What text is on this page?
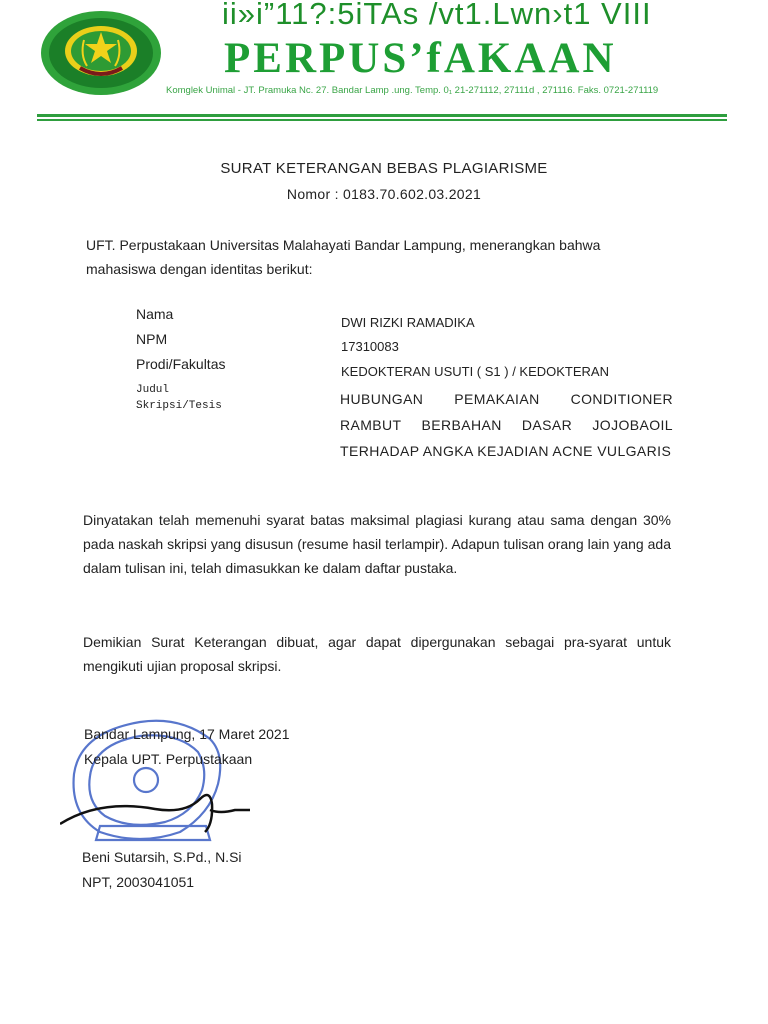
ii»i”11?:5iTAs /vt1.Lwn›t1 VIII
PERPUS’fAKAAN
Komglek Unimal - JT. Pramuka Nc. 27. Bandar Lamp .ung. Temp. 0₁ 21-271112, 27111d , 271116. Faks. 0721-271119
SURAT KETERANGAN BEBAS PLAGIARISME
Nomor : 0183.70.602.03.2021
UFT. Perpustakaan Universitas Malahayati Bandar Lampung, menerangkan bahwa mahasiswa dengan identitas berikut:
Nama
NPM
Prodi/Fakultas
Judul
Skripsi/Tesis
DWI RIZKI RAMADIKA
17310083
KEDOKTERAN USUTI ( S1 ) / KEDOKTERAN
HUBUNGAN PEMAKAIAN CONDITIONER RAMBUT BERBAHAN DASAR JOJOBAOIL TERHADAP ANGKA KEJADIAN ACNE VULGARIS
Dinyatakan telah memenuhi syarat batas maksimal plagiasi kurang atau sama dengan 30% pada naskah skripsi yang disusun (resume hasil terlampir). Adapun tulisan orang lain yang ada dalam tulisan ini, telah dimasukkan ke dalam daftar pustaka.
Demikian Surat Keterangan dibuat, agar dapat dipergunakan sebagai pra-syarat untuk mengikuti ujian proposal skripsi.
Bandar Lampung, 17 Maret 2021
Kepala UPT. Perpustakaan
Beni Sutarsih, S.Pd., N.Si
NPT, 2003041051
